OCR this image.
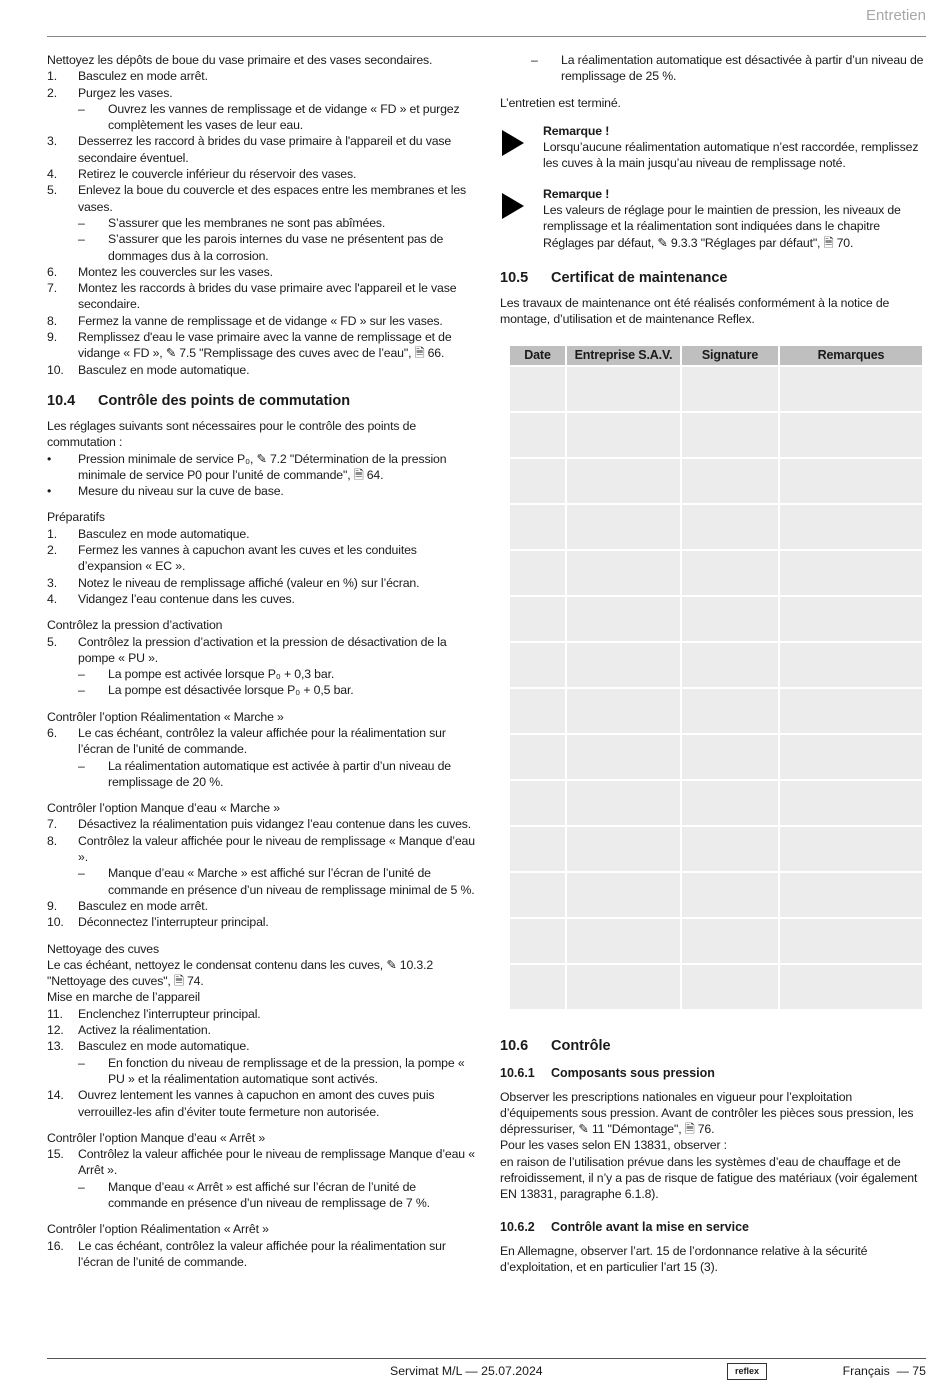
Entretien

Nettoyez les dépôts de boue du vase primaire et des vases secondaires.

1. Basculez en mode arrêt.
2. Purgez les vases.
– Ouvrez les vannes de remplissage et de vidange « FD » et purgez complètement les vases de leur eau.
3. Desserrez les raccord à brides du vase primaire à l'appareil et du vase secondaire éventuel.
4. Retirez le couvercle inférieur du réservoir des vases.
5. Enlevez la boue du couvercle et des espaces entre les membranes et les vases.
– S’assurer que les membranes ne sont pas abîmées.
– S’assurer que les parois internes du vase ne présentent pas de dommages dus à la corrosion.
6. Montez les couvercles sur les vases.
7. Montez les raccords à brides du vase primaire avec l'appareil et le vase secondaire.
8. Fermez la vanne de remplissage et de vidange « FD » sur les vases.
9. Remplissez d'eau le vase primaire avec la vanne de remplissage et de vidange « FD », ✎ 7.5 "Remplissage des cuves avec de l’eau", 🗎 66.
10. Basculez en mode automatique.
10.4 Contrôle des points de commutation

Les réglages suivants sont nécessaires pour le contrôle des points de commutation :

• Pression minimale de service P₀, ✎ 7.2 "Détermination de la pression minimale de service P0 pour l’unité de commande", 🗎 64.
• Mesure du niveau sur la cuve de base.

Préparatifs

1. Basculez en mode automatique.
2. Fermez les vannes à capuchon avant les cuves et les conduites d’expansion « EC ».
3. Notez le niveau de remplissage affiché (valeur en %) sur l’écran.
4. Vidangez l’eau contenue dans les cuves.

Contrôlez la pression d’activation

5. Contrôlez la pression d’activation et la pression de désactivation de la pompe « PU ».
– La pompe est activée lorsque P₀ + 0,3 bar.
– La pompe est désactivée lorsque P₀ + 0,5 bar.

Contrôler l’option Réalimentation « Marche »

6. Le cas échéant, contrôlez la valeur affichée pour la réalimentation sur l’écran de l’unité de commande.
– La réalimentation automatique est activée à partir d’un niveau de remplissage de 20 %.

Contrôler l’option Manque d’eau « Marche »

7. Désactivez la réalimentation puis vidangez l’eau contenue dans les cuves.
8. Contrôlez la valeur affichée pour le niveau de remplissage « Manque d’eau ».
– Manque d’eau « Marche » est affiché sur l’écran de l’unité de commande en présence d’un niveau de remplissage minimal de 5 %.
9. Basculez en mode arrêt.
10. Déconnectez l’interrupteur principal.

Nettoyage des cuves

Le cas échéant, nettoyez le condensat contenu dans les cuves, ✎ 10.3.2 "Nettoyage des cuves", 🗎 74.

Mise en marche de l’appareil

11. Enclenchez l’interrupteur principal.
12. Activez la réalimentation.
13. Basculez en mode automatique.
– En fonction du niveau de remplissage et de la pression, la pompe « PU » et la réalimentation automatique sont activés.
14. Ouvrez lentement les vannes à capuchon en amont des cuves puis verrouillez-les afin d’éviter toute fermeture non autorisée.

Contrôler l’option Manque d’eau « Arrêt »

15. Contrôlez la valeur affichée pour le niveau de remplissage Manque d’eau « Arrêt ».
– Manque d’eau « Arrêt » est affiché sur l’écran de l’unité de commande en présence d’un niveau de remplissage de 7 %.

Contrôler l’option Réalimentation « Arrêt »

16. Le cas échéant, contrôlez la valeur affichée pour la réalimentation sur l’écran de l’unité de commande.
– La réalimentation automatique est désactivée à partir d’un niveau de remplissage de 25 %.

L’entretien est terminé.

Remarque !

Lorsqu’aucune réalimentation automatique n’est raccordée, remplissez les cuves à la main jusqu’au niveau de remplissage noté.

Remarque !

Les valeurs de réglage pour le maintien de pression, les niveaux de remplissage et la réalimentation sont indiquées dans le chapitre Réglages par défaut, ✎ 9.3.3 "Réglages par défaut", 🗎 70.

10.5 Certificat de maintenance

Les travaux de maintenance ont été réalisés conformément à la notice de montage, d’utilisation et de maintenance Reflex.

Date	Entreprise S.A.V.	Signature	Remarques

10.6 Contrôle
10.6.1 Composants sous pression

Observer les prescriptions nationales en vigueur pour l’exploitation d’équipements sous pression. Avant de contrôler les pièces sous pression, les dépressuriser, ✎ 11 "Démontage", 🗎 76.

Pour les vases selon EN 13831, observer :

en raison de l’utilisation prévue dans les systèmes d’eau de chauffage et de refroidissement, il n’y a pas de risque de fatigue des matériaux (voir également EN 13831, paragraphe 6.1.8).

10.6.2 Contrôle avant la mise en service

En Allemagne, observer l’art. 15 de l’ordonnance relative à la sécurité d’exploitation, et en particulier l’art 15 (3).

Servimat M/L — 25.07.2024	reflex	Français  — 75
